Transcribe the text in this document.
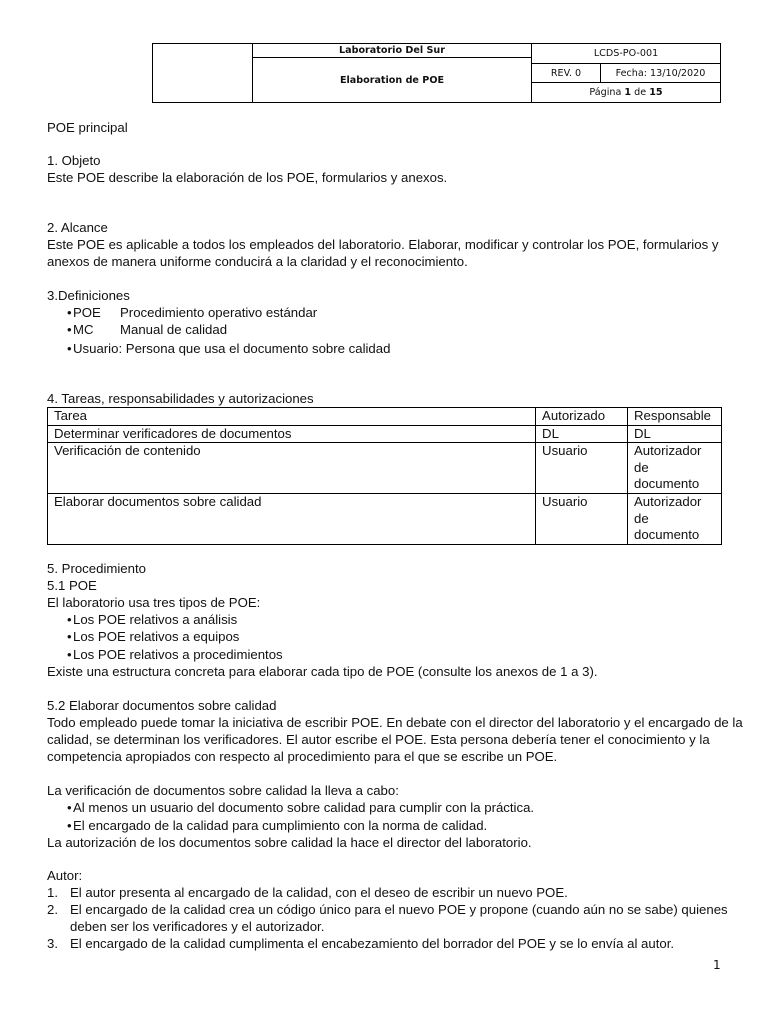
Laboratorio Del Sur
Elaboration de POE
LCDS-PO-001
REV. 0	Fecha: 13/10/2020
Página 1 de 15
POE principal
1. Objeto
Este POE describe la elaboración de los POE, formularios y anexos.
2. Alcance
Este POE es aplicable a todos los empleados del laboratorio. Elaborar, modificar y controlar los POE, formularios y
anexos de manera uniforme conducirá a la claridad y el reconocimiento.
3.Definiciones
• POE Procedimiento operativo estándar
• MC Manual de calidad
• Usuario: Persona que usa el documento sobre calidad
4. Tareas, responsabilidades y autorizaciones
Tarea	Autorizado	Responsable
Determinar verificadores de documentos	DL	DL
Verificación de contenido	Usuario	Autorizador de documento
Elaborar documentos sobre calidad	Usuario	Autorizador de documento
5. Procedimiento
5.1 POE
El laboratorio usa tres tipos de POE:
• Los POE relativos a análisis
• Los POE relativos a equipos
• Los POE relativos a procedimientos
Existe una estructura concreta para elaborar cada tipo de POE (consulte los anexos de 1 a 3).
5.2 Elaborar documentos sobre calidad
Todo empleado puede tomar la iniciativa de escribir POE. En debate con el director del laboratorio y el encargado de la
calidad, se determinan los verificadores. El autor escribe el POE. Esta persona debería tener el conocimiento y la
competencia apropiados con respecto al procedimiento para el que se escribe un POE.
La verificación de documentos sobre calidad la lleva a cabo:
• Al menos un usuario del documento sobre calidad para cumplir con la práctica.
• El encargado de la calidad para cumplimiento con la norma de calidad.
La autorización de los documentos sobre calidad la hace el director del laboratorio.
Autor:
1. El autor presenta al encargado de la calidad, con el deseo de escribir un nuevo POE.
2. El encargado de la calidad crea un código único para el nuevo POE y propone (cuando aún no se sabe) quienes
deben ser los verificadores y el autorizador.
3. El encargado de la calidad cumplimenta el encabezamiento del borrador del POE y se lo envía al autor.
1
